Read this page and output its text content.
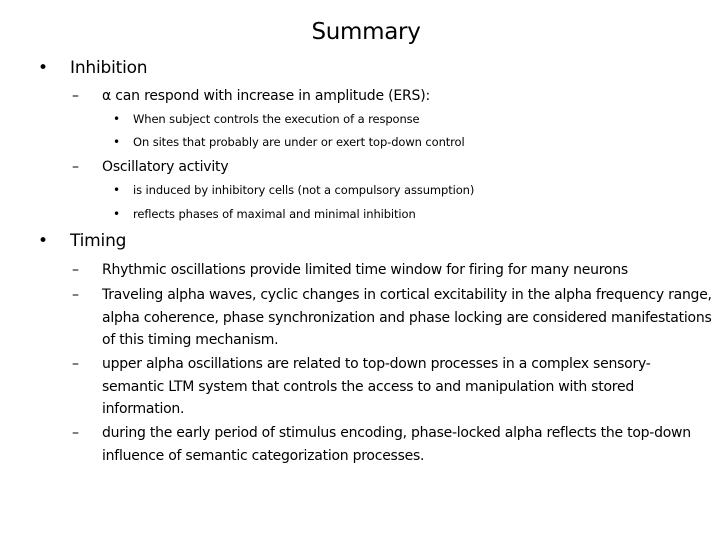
Summary
•	Inhibition
–	α can respond with increase in amplitude (ERS):
•	When subject controls the execution of a response
•	On sites that probably are under or exert top-down control
–	Oscillatory activity
•	is induced by inhibitory cells (not a compulsory assumption)
•	reflects phases of maximal and minimal inhibition
•	Timing
– Rhythmic oscillations provide limited time window for firing for many neurons
– Traveling alpha waves, cyclic changes in cortical excitability in the alpha frequency range, alpha coherence, phase synchronization and phase locking are considered manifestations of this timing mechanism.
– upper alpha oscillations are related to top-down processes in a complex sensory-semantic LTM system that controls the access to and manipulation with stored information.
– during the early period of stimulus encoding, phase-locked alpha reflects the top-down influence of semantic categorization processes.
